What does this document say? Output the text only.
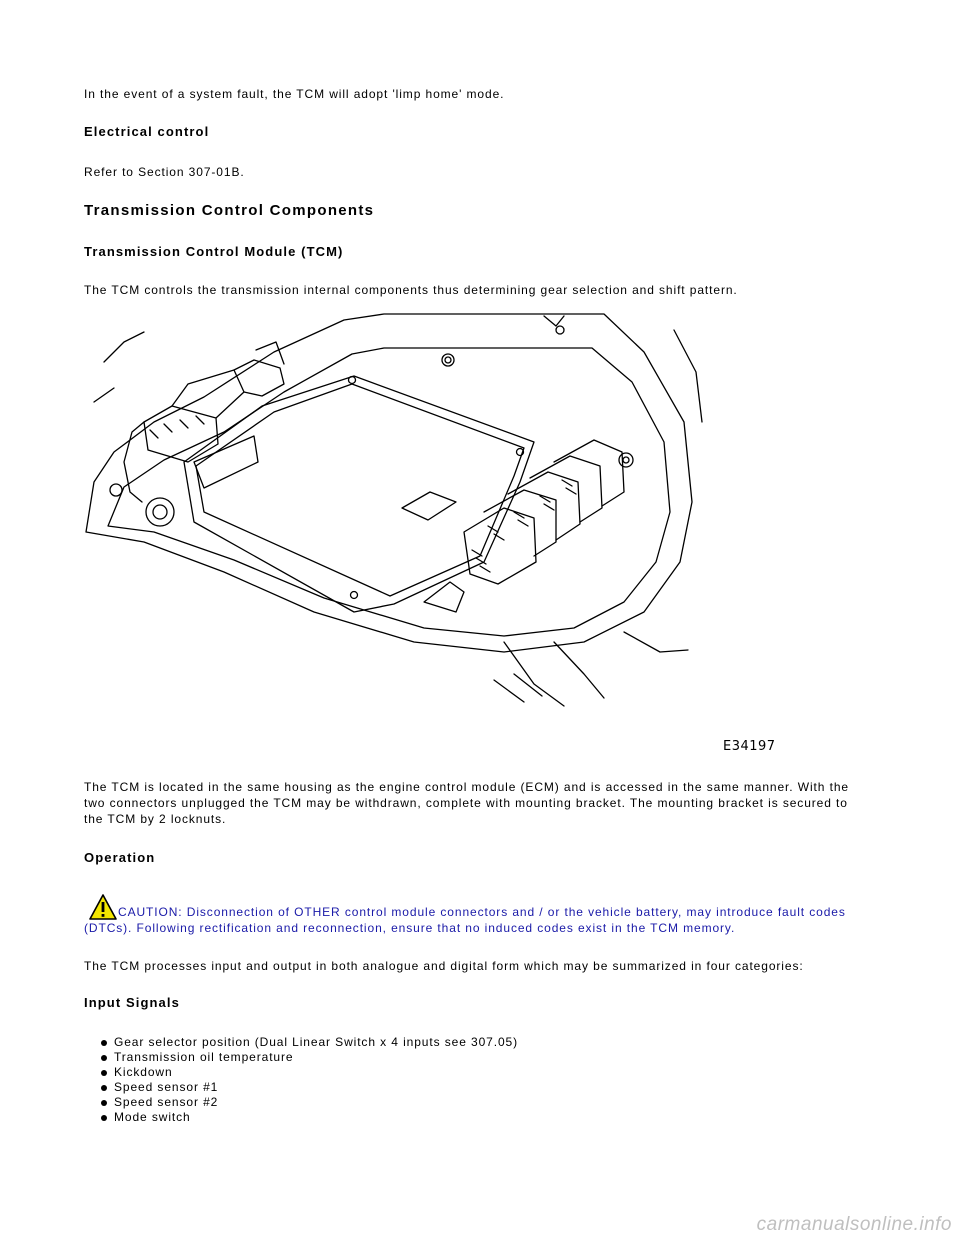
In the event of a system fault, the TCM will adopt 'limp home' mode.

Electrical control

Refer to Section 307-01B.

Transmission Control Components

Transmission Control Module (TCM)

The TCM controls the transmission internal components thus determining gear selection and shift pattern.

E34197

The TCM is located in the same housing as the engine control module (ECM) and is accessed in the same manner. With the

two connectors unplugged the TCM may be withdrawn, complete with mounting bracket. The mounting bracket is secured to

the TCM by 2 locknuts.

Operation

CAUTION: Disconnection of OTHER control module connectors and / or the vehicle battery, may introduce fault codes
(DTCs). Following rectification and reconnection, ensure that no induced codes exist in the TCM memory.

The TCM processes input and output in both analogue and digital form which may be summarized in four categories:

Input Signals

Gear selector position (Dual Linear Switch x 4 inputs see 307.05)
Transmission oil temperature
Kickdown
Speed sensor #1
Speed sensor #2
Mode switch
carmanualsonline.info
